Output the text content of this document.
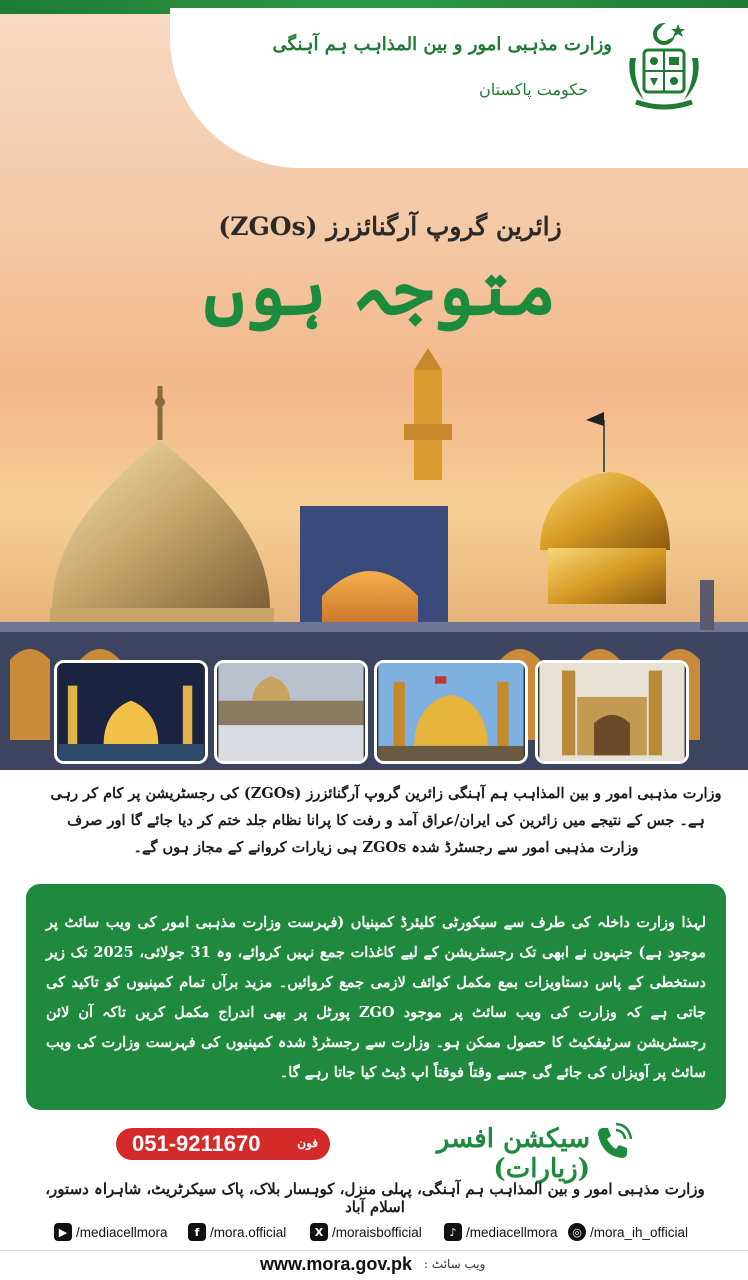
وزارت مذہبی امور و بین المذاہب ہم آہنگی
حکومت پاکستان
زائرین گروپ آرگنائزرز (ZGOs)
متوجہ ہوں
وزارت مذہبی امور و بین المذاہب ہم آہنگی زائرین گروپ آرگنائزرز (ZGOs) کی رجسٹریشن پر کام کر رہی ہے۔ جس کے نتیجے میں زائرین کی ایران/عراق آمد و رفت کا پرانا نظام جلد ختم کر دیا جائے گا اور صرف وزارت مذہبی امور سے رجسٹرڈ شدہ ZGOs ہی زیارات کروانے کے مجاز ہوں گے۔
لہذا وزارت داخلہ کی طرف سے سیکورٹی کلیئرڈ کمپنیاں (فہرست وزارت مذہبی امور کی ویب سائٹ پر موجود ہے) جنہوں نے ابھی تک رجسٹریشن کے لیے کاغذات جمع نہیں کروائے، وہ 31 جولائی، 2025 تک زیر دستخطی کے پاس دستاویزات بمع مکمل کوائف لازمی جمع کروائیں۔ مزید برآں تمام کمپنیوں کو تاکید کی جاتی ہے کہ وزارت کی ویب سائٹ پر موجود ZGO پورٹل پر بھی اندراج مکمل کریں تاکہ آن لائن رجسٹریشن سرٹیفکیٹ کا حصول ممکن ہو۔ وزارت سے رجسٹرڈ شدہ کمپنیوں کی فہرست وزارت کی ویب سائٹ پر آویزاں کی جائے گی جسے وقتاً فوقتاً اپ ڈیٹ کیا جاتا رہے گا۔
سیکشن افسر (زیارات)
051-9211670	فون
وزارت مذہبی امور و بین المذاہب ہم آہنگی، پہلی منزل، کوہسار بلاک، پاک سیکرٹریٹ، شاہراہ دستور، اسلام آباد
▶ /mediacellmora	f /mora.official	X /moraisbofficial	♪ /mediacellmora	◎ /mora_ih_official
www.mora.gov.pk ویب سائٹ :
